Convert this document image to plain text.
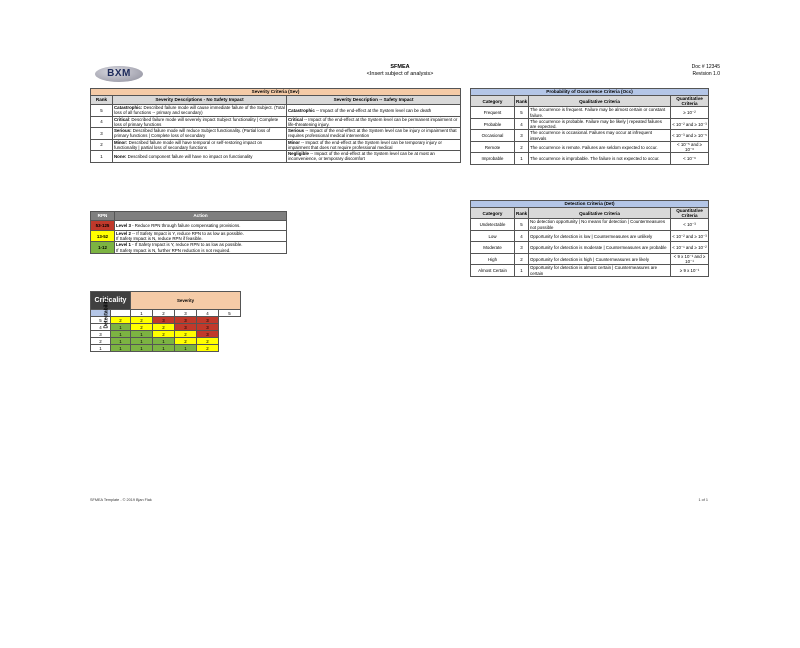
BXM
SFMEA
<Insert subject of analysis>
Doc # 12345
Revision 1.0
Severity Criteria (Sev)		
Rank	Severity Descriptions - No Safety Impact	Severity Description -- Safety Impact
5	Catastrophic: Described failure mode will cause immediate failure of the Subject. (Total loss of all functions -- primary and secondary)	Catastrophic -- Impact of the end-effect at the System level can be death
4	Critical: Described failure mode will severely impact Subject functionality | Complete loss of primary functions	Critical -- Impact of the end-effect at the System level can be permanent impairment or life-threatening injury.
3	Serious: Described failure mode will reduce Subject functionality. (Partial loss of primary functions | Complete loss of secondary	Serious -- Impact of the end-effect at the System level can be injury or impairment that requires professional medical intervention
2	Minor: Described failure mode will have temporal or self-restoring impact on functionality | partial loss of secondary functions	Minor -- Impact of the end-effect at the System level can be temporary injury or impairment that does not require professional medical
1	None: Described component failure will have no impact on functionality	Negligible -- Impact of the end-effect at the System level can be at most an inconvenience, or temporary discomfort
RPN	Action
53-125	Level 3 - Reduce RPN through failure compensating provisions.
13-52	Level 2 -- If Safety Impact is Y, reduce RPN to as low as possible.
If Safety Impact is N, reduce RPN if feasible.
1-12	Level 1 - If Safety Impact is Y, reduce RPN to as low as possible.
If Safety Impact is N, further RPN reduction is not required.
Criticality		Severity				
Detectability		1	2	3	4	5
5	2	2	3	3	3	
4	1	2	2	3	3	
3	1	1	2	2	3	
2	1	1	1	2	2	
1	1	1	1	1	2	
Probability of Occurrence Criteria (Occ)			
Category	Rank	Qualitative Criteria	Quantitative Criteria
Frequent	5	The occurrence is frequent. Failure may be almost certain or constant failure.	≥ 10⁻²
Probable	4	The occurrence is probable. Failure may be likely | repeated failures are expected.	< 10⁻² and ≥ 10⁻³
Occasional	3	The occurrence is occasional. Failures may occur at infrequent intervals	< 10⁻³ and ≥ 10⁻⁵
Remote	2	The occurrence is remote. Failures are seldom expected to occur.	< 10⁻⁵ and ≥ 10⁻⁶
Improbable	1	The occurrence is improbable. The failure is not expected to occur.	< 10⁻⁶
Detection Criteria (Det)			
Category	Rank	Qualitative Criteria	Quantitative Criteria
Undetectable	5	No detection opportunity | No means for detection | Countermeasures not possible	< 10⁻³
Low	4	Opportunity for detection is low | Countermeasures are unlikely	< 10⁻² and ≥ 10⁻³
Moderate	3	Opportunity for detection is moderate | Countermeasures are probable	< 10⁻¹ and ≥ 10⁻²
High	2	Opportunity for detection is high | Countermeasures are likely	< 9 x 10⁻¹ and ≥ 10⁻¹
Almost Certain	1	Opportunity for detection is almost certain | Countermeasures are certain	≥ 9 x 10⁻¹
SFMEA Template - © 2019 Bjan Flak	1 of 1
